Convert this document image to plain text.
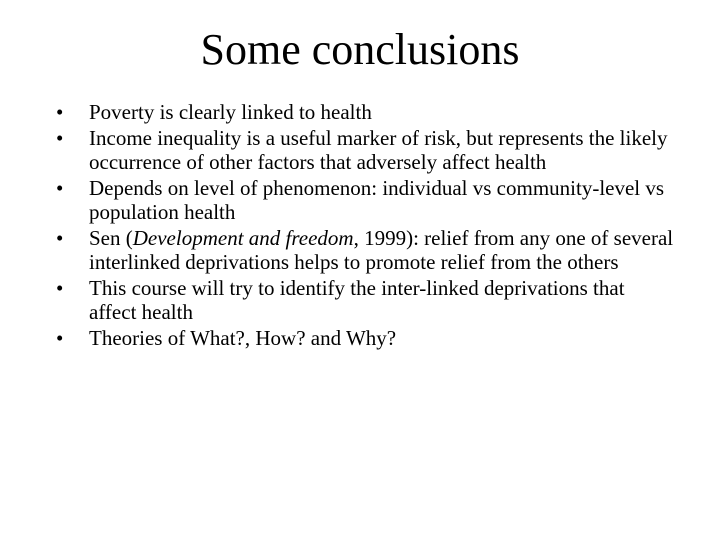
Some conclusions
•	Poverty is clearly linked to health
•	Income inequality is a useful marker of risk, but represents the likely occurrence of other factors that adversely affect health
•	Depends on level of phenomenon: individual vs community-level vs population health
•	Sen (Development and freedom, 1999): relief from any one of several interlinked deprivations helps to promote relief from the others
•	This course will try to identify the inter-linked deprivations that affect health
•	Theories of What?, How? and Why?
